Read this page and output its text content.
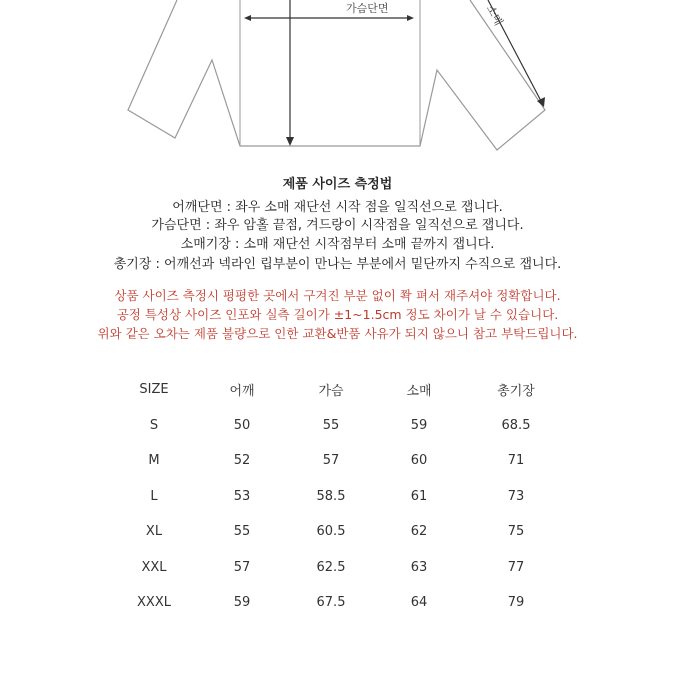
가슴단면	소매
제품 사이즈 측정법
어깨단면 : 좌우 소매 재단선 시작 점을 일직선으로 잽니다.
가슴단면 : 좌우 암홀 끝점, 겨드랑이 시작점을 일직선으로 잽니다.
소매기장 : 소매 재단선 시작점부터 소매 끝까지 잽니다.
총기장 : 어깨선과 넥라인 립부분이 만나는 부분에서 밑단까지 수직으로 잽니다.
상품 사이즈 측정시 평평한 곳에서 구겨진 부분 없이 쫙 펴서 재주셔야 정확합니다.
공정 특성상 사이즈 인포와 실측 길이가 ±1~1.5cm 정도 차이가 날 수 있습니다.
위와 같은 오차는 제품 불량으로 인한 교환&반품 사유가 되지 않으니 참고 부탁드립니다.
SIZE	어깨	가슴	소매	총기장
S	50	55	59	68.5
M	52	57	60	71
L	53	58.5	61	73
XL	55	60.5	62	75
XXL	57	62.5	63	77
XXXL	59	67.5	64	79
